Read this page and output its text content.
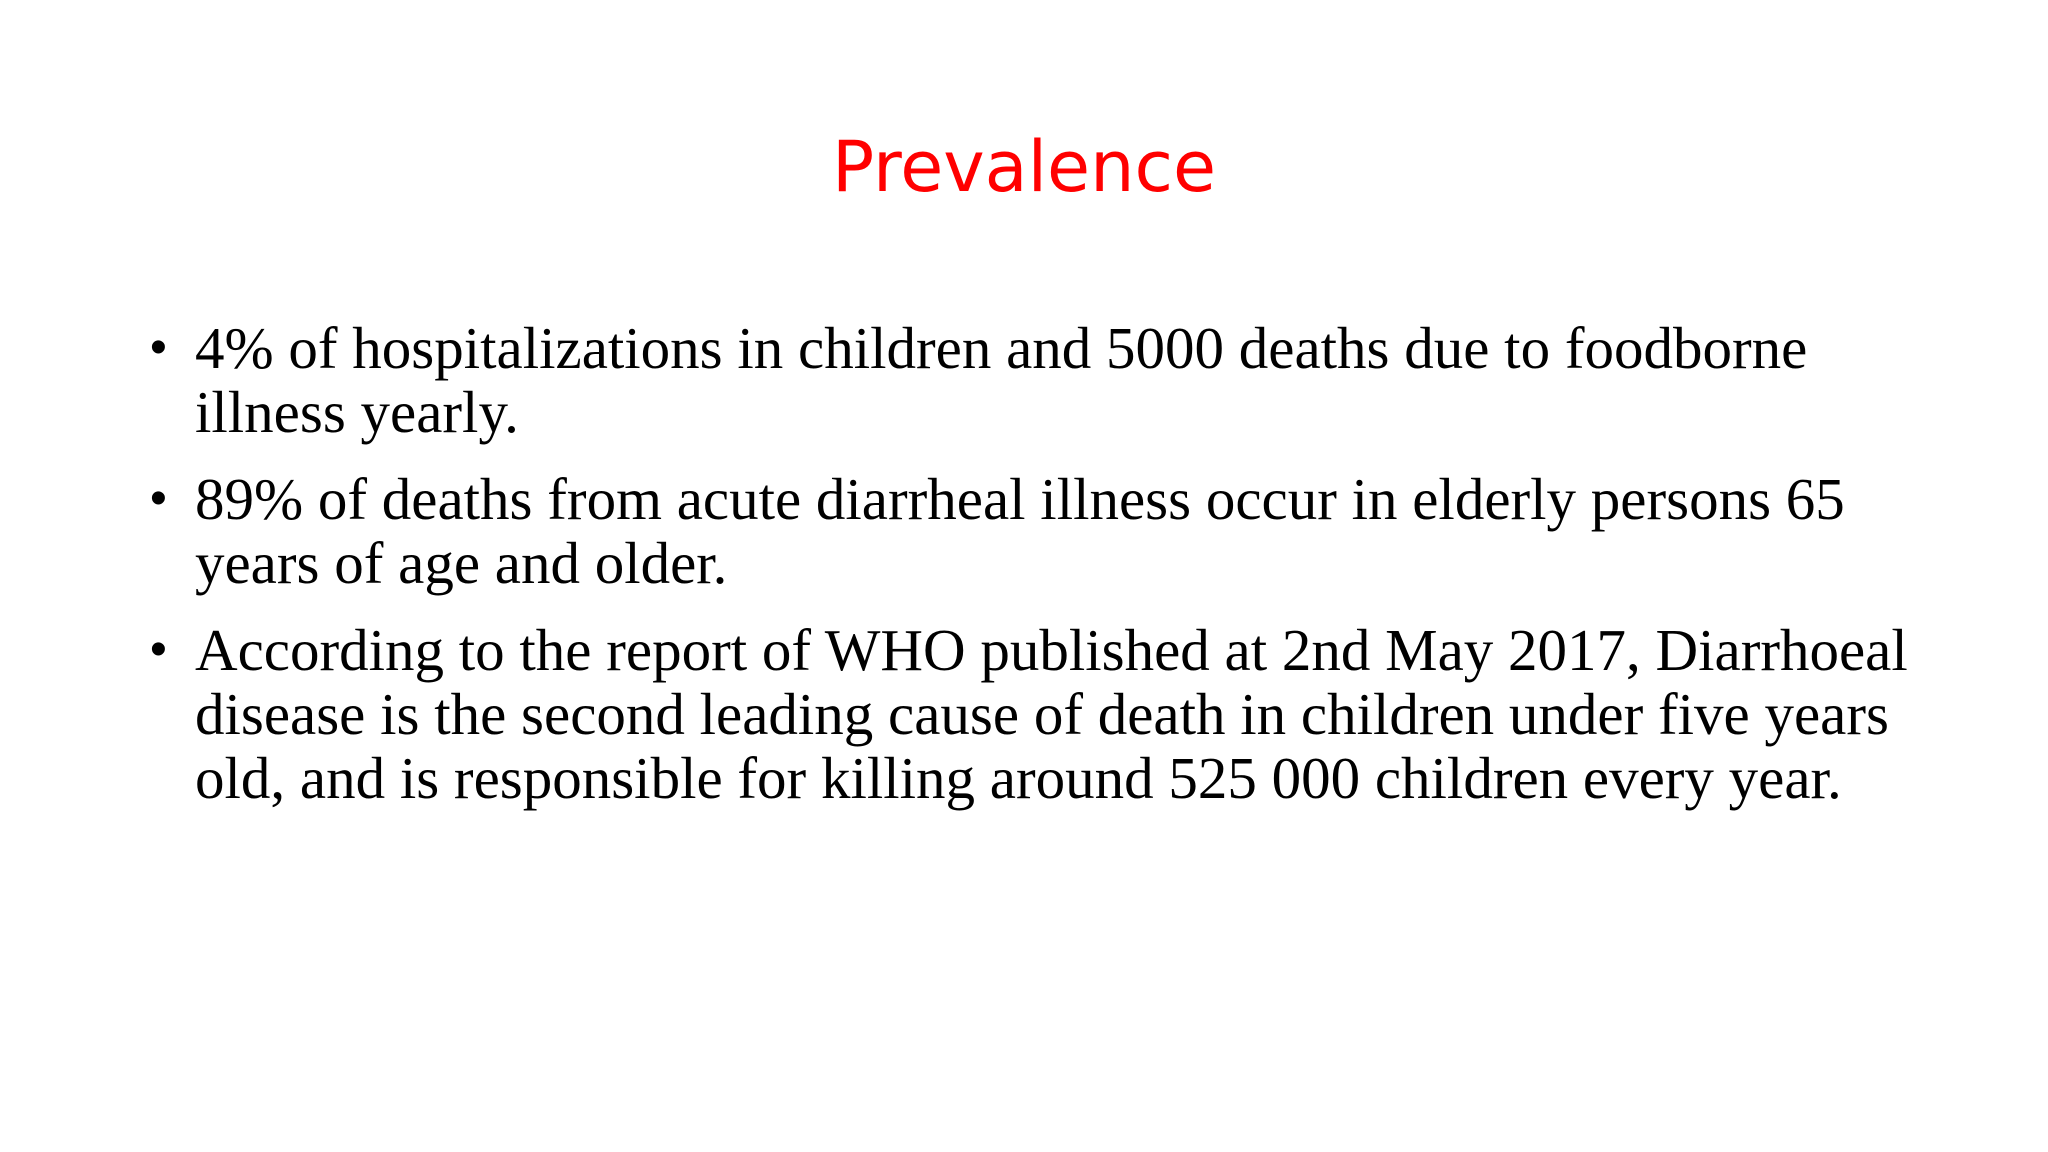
Prevalence
• 4% of hospitalizations in children and 5000 deaths due to foodborne illness yearly.
• 89% of deaths from acute diarrheal illness occur in elderly persons 65 years of age and older.
• According to the report of WHO published at 2nd May 2017, Diarrhoeal disease is the second leading cause of death in children under five years old, and is responsible for killing around 525 000 children every year.
